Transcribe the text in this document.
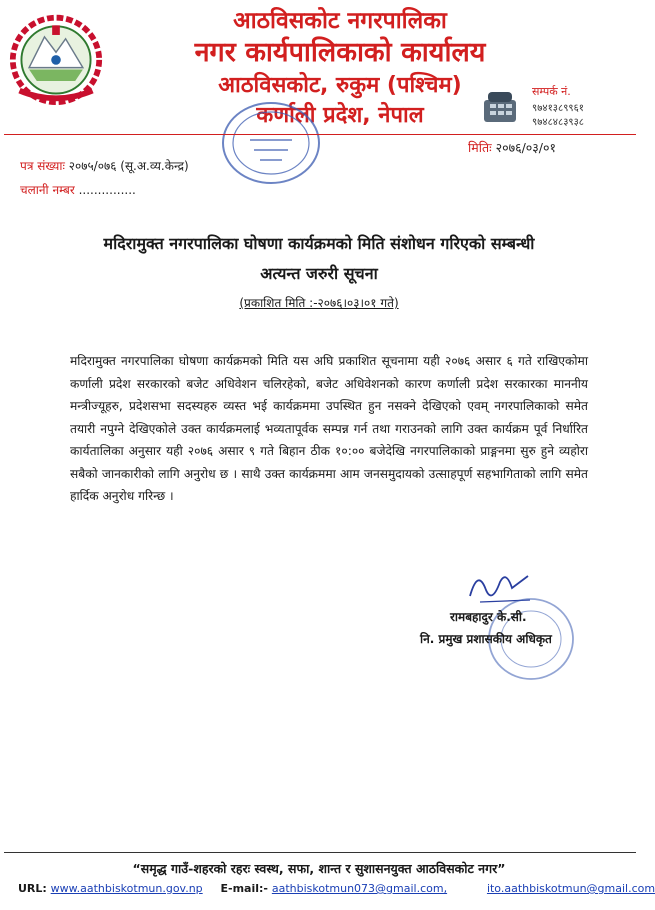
आठविसकोट नगरपालिका
नगर कार्यपालिकाको कार्यालय
आठविसकोट, रुकुम (पश्चिम)
कर्णाली प्रदेश, नेपाल
सम्पर्क नं.
९७४१३८९९६१
९७४८४८३९३८
मितिः २०७६/०३/०१
पत्र संख्याः २०७५/०७६ (सू.अ.व्य.केन्द्र)
चलानी नम्बर ...............
मदिरामुक्त नगरपालिका घोषणा कार्यक्रमको मिति संशोधन गरिएको सम्बन्धी
अत्यन्त जरुरी सूचना
(प्रकाशित मिति :-२०७६।०३।०१ गते)
मदिरामुक्त नगरपालिका घोषणा कार्यक्रमको मिति यस अघि प्रकाशित सूचनामा यही २०७६ असार ६ गते राखिएकोमा कर्णाली प्रदेश सरकारको बजेट अधिवेशन चलिरहेको, बजेट अधिवेशनको कारण कर्णाली प्रदेश सरकारका माननीय मन्त्रीज्यूहरु, प्रदेशसभा सदस्यहरु व्यस्त भई कार्यक्रममा उपस्थित हुन नसक्ने देखिएको एवम् नगरपालिकाको समेत तयारी नपुग्ने देखिएकोले उक्त कार्यक्रमलाई भव्यतापूर्वक सम्पन्न गर्न तथा गराउनको लागि उक्त कार्यक्रम पूर्व निर्धारित कार्यतालिका अनुसार यही २०७६ असार ९ गते बिहान ठीक १०:०० बजेदेखि नगरपालिकाको प्राङ्गनमा सुरु हुने व्यहोरा सबैको जानकारीको लागि अनुरोध छ । साथै उक्त कार्यक्रममा आम जनसमुदायको उत्साहपूर्ण सहभागिताको लागि समेत हार्दिक अनुरोध गरिन्छ ।
रामबहादुर के.सी.
नि. प्रमुख प्रशासकीय अधिकृत
“समृद्ध गाउँ-शहरको रहरः स्वस्थ, सफा, शान्त र सुशासनयुक्त आठविसकोट नगर”
URL: www.aathbiskotmun.gov.np E-mail:- aathbiskotmun073@gmail.com,	ito.aathbiskotmun@gmail.com
